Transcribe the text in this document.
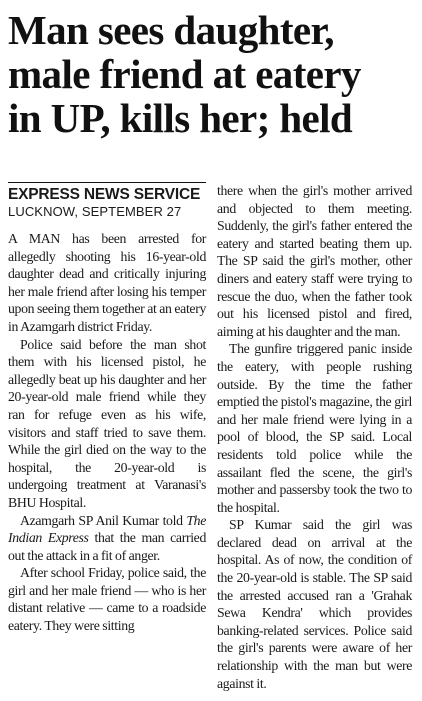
Man sees daughter,
male friend at eatery
in UP, kills her; held
EXPRESS NEWS SERVICE
LUCKNOW, SEPTEMBER 27

A MAN has been arrested for allegedly shooting his 16-year-old daughter dead and critically injuring her male friend after losing his temper upon seeing them together at an eatery in Azamgarh district Friday.

Police said before the man shot them with his licensed pistol, he allegedly beat up his daughter and her 20-year-old male friend while they ran for refuge even as his wife, visitors and staff tried to save them. While the girl died on the way to the hospital, the 20-year-old is undergoing treatment at Varanasi's BHU Hospital.

Azamgarh SP Anil Kumar told The Indian Express that the man carried out the attack in a fit of anger.

After school Friday, police said, the girl and her male friend — who is her distant relative — came to a roadside eatery. They were sitting

there when the girl's mother arrived and objected to them meeting. Suddenly, the girl's father entered the eatery and started beating them up. The SP said the girl's mother, other diners and eatery staff were trying to rescue the duo, when the father took out his licensed pistol and fired, aiming at his daughter and the man.

The gunfire triggered panic inside the eatery, with people rushing outside. By the time the father emptied the pistol's magazine, the girl and her male friend were lying in a pool of blood, the SP said. Local residents told police while the assailant fled the scene, the girl's mother and passersby took the two to the hospital.

SP Kumar said the girl was declared dead on arrival at the hospital. As of now, the condition of the 20-year-old is stable. The SP said the arrested accused ran a 'Grahak Sewa Kendra' which provides banking-related services. Police said the girl's parents were aware of her relationship with the man but were against it.
